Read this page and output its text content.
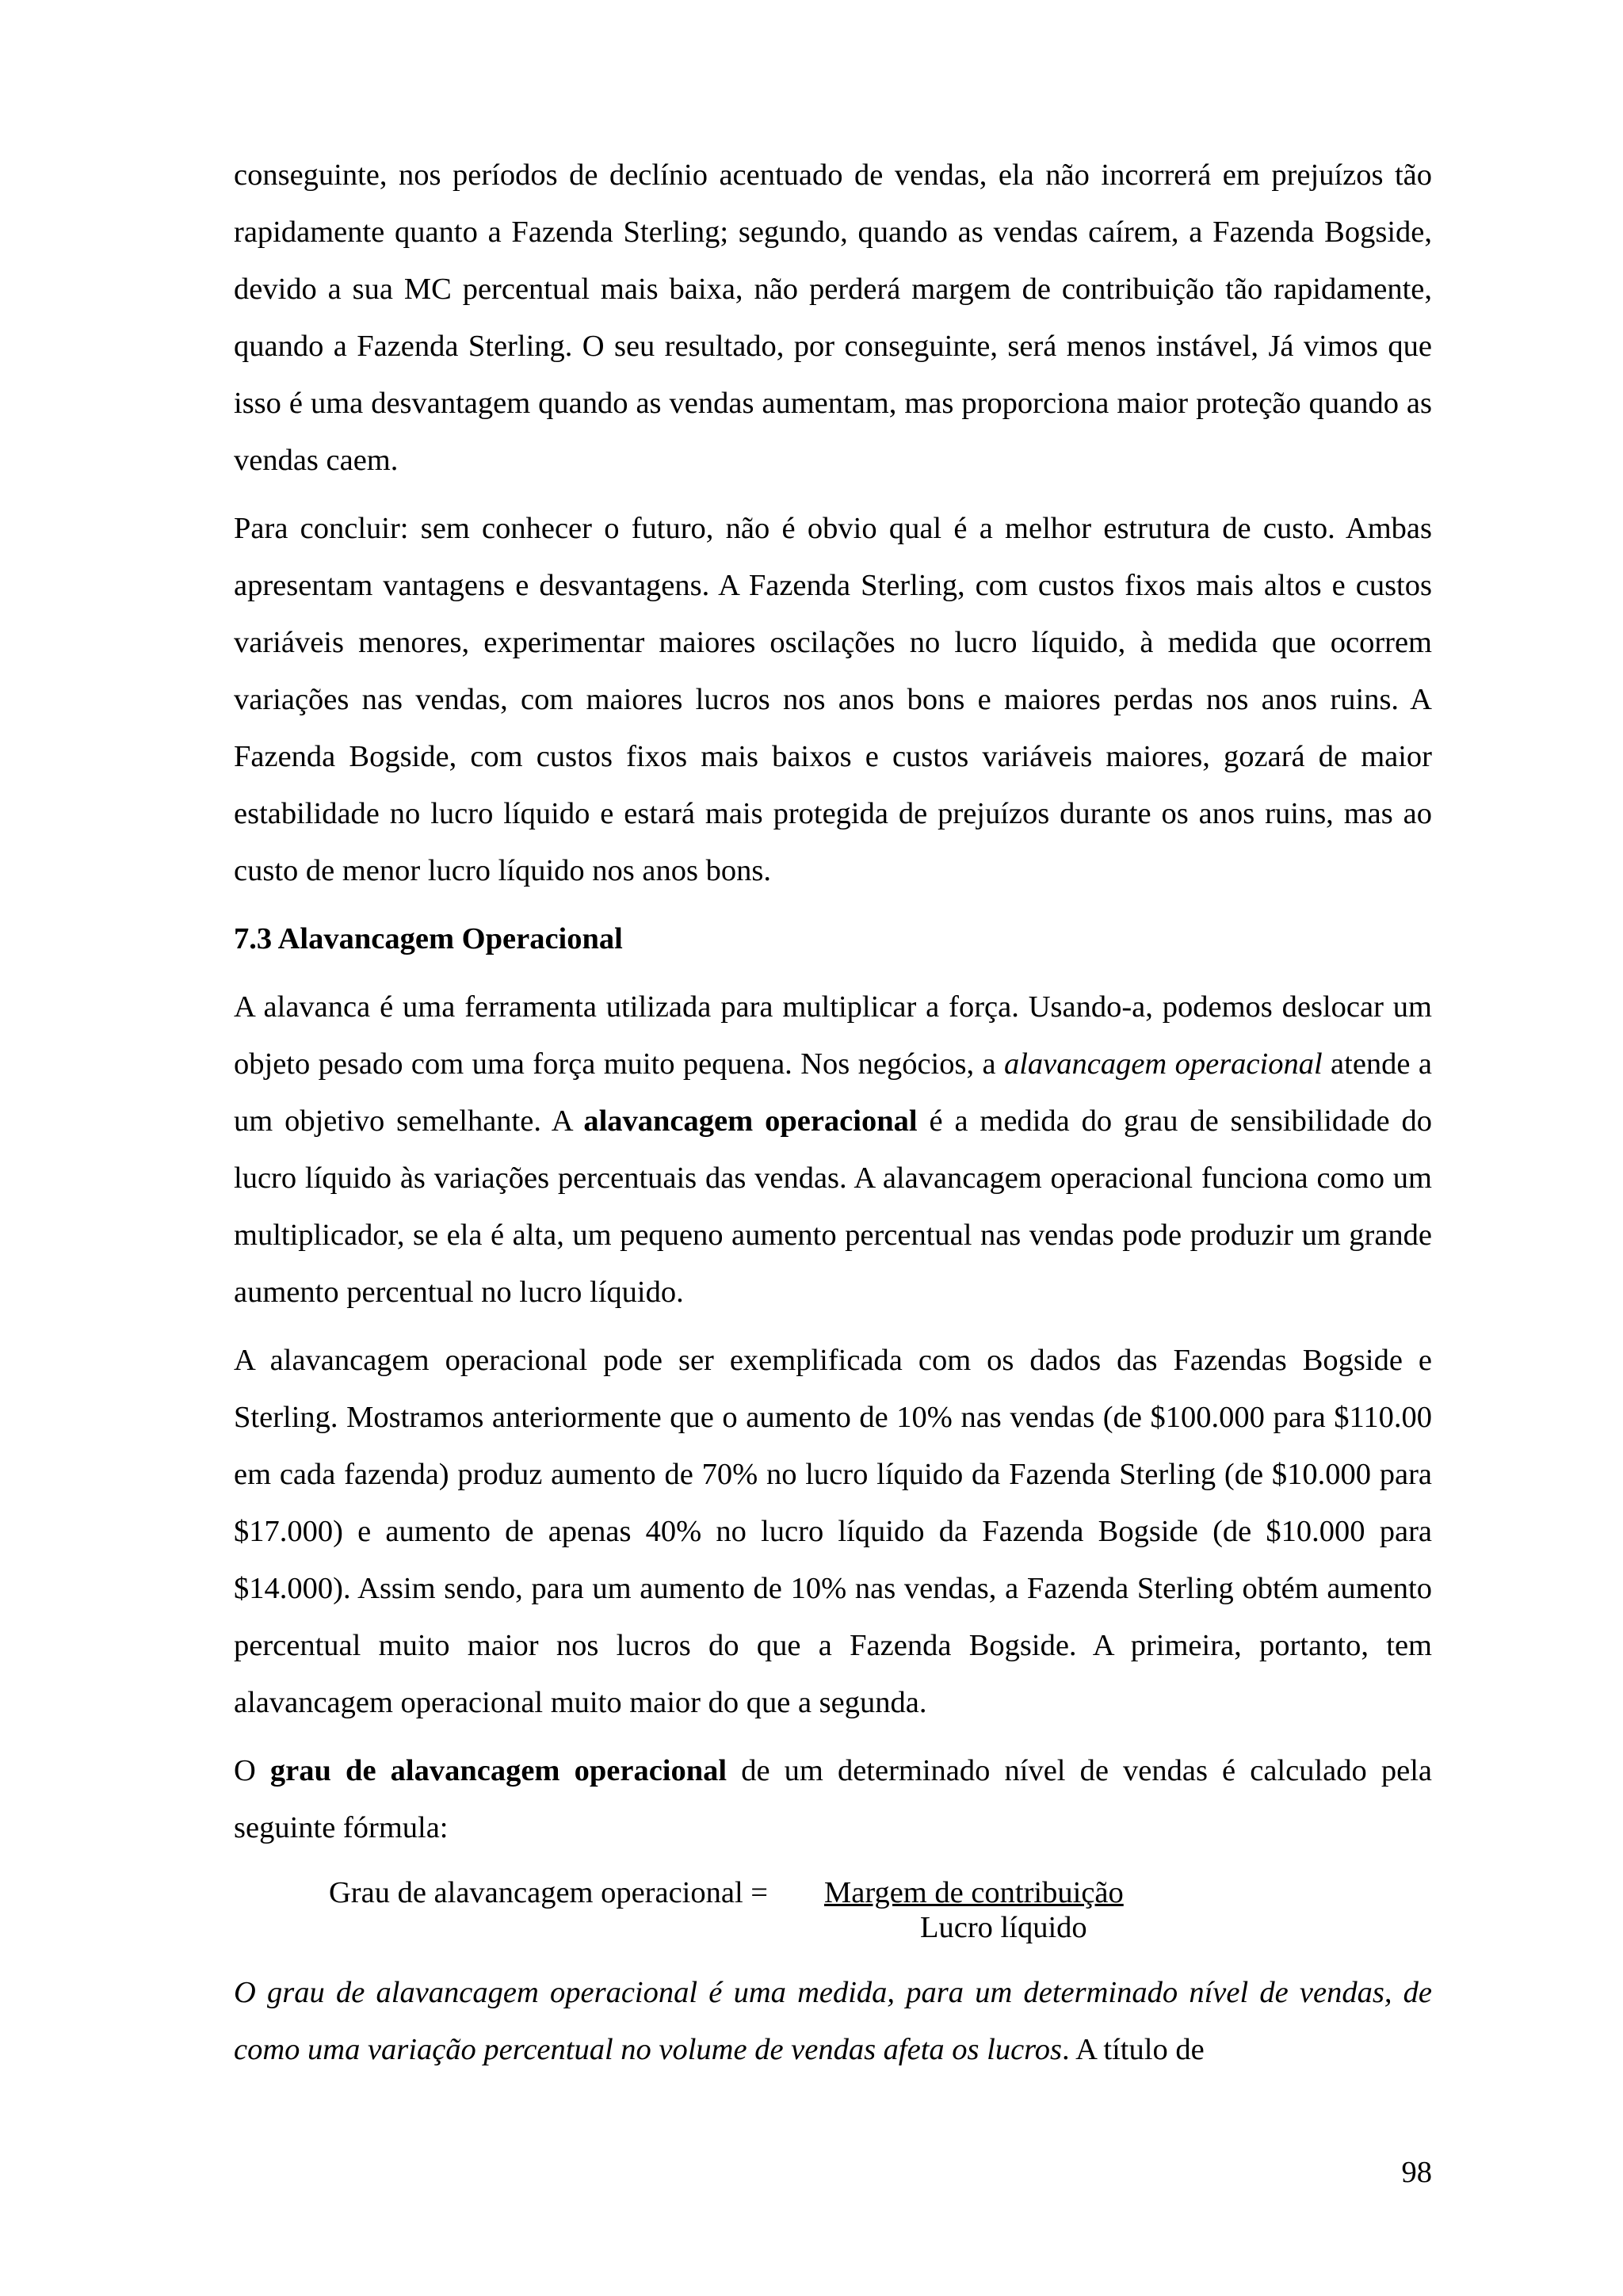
conseguinte, nos períodos de declínio acentuado de vendas, ela não incorrerá em prejuízos tão rapidamente quanto a Fazenda Sterling; segundo, quando as vendas caírem, a Fazenda Bogside, devido a sua MC percentual mais baixa, não perderá margem de contribuição tão rapidamente, quando a Fazenda Sterling. O seu resultado, por conseguinte, será menos instável, Já vimos que isso é uma desvantagem quando as vendas aumentam, mas proporciona maior proteção quando as vendas caem.

Para concluir: sem conhecer o futuro, não é obvio qual é a melhor estrutura de custo. Ambas apresentam vantagens e desvantagens. A Fazenda Sterling, com custos fixos mais altos e custos variáveis menores, experimentar maiores oscilações no lucro líquido, à medida que ocorrem variações nas vendas, com maiores lucros nos anos bons e maiores perdas nos anos ruins. A Fazenda Bogside, com custos fixos mais baixos e custos variáveis maiores, gozará de maior estabilidade no lucro líquido e estará mais protegida de prejuízos durante os anos ruins, mas ao custo de menor lucro líquido nos anos bons.

7.3 Alavancagem Operacional

A alavanca é uma ferramenta utilizada para multiplicar a força. Usando-a, podemos deslocar um objeto pesado com uma força muito pequena. Nos negócios, a alavancagem operacional atende a um objetivo semelhante. A alavancagem operacional é a medida do grau de sensibilidade do lucro líquido às variações percentuais das vendas. A alavancagem operacional funciona como um multiplicador, se ela é alta, um pequeno aumento percentual nas vendas pode produzir um grande aumento percentual no lucro líquido.

A alavancagem operacional pode ser exemplificada com os dados das Fazendas Bogside e Sterling. Mostramos anteriormente que o aumento de 10% nas vendas (de $100.000 para $110.00 em cada fazenda) produz aumento de 70% no lucro líquido da Fazenda Sterling (de $10.000 para $17.000) e aumento de apenas 40% no lucro líquido da Fazenda Bogside (de $10.000 para $14.000). Assim sendo, para um aumento de 10% nas vendas, a Fazenda Sterling obtém aumento percentual muito maior nos lucros do que a Fazenda Bogside. A primeira, portanto, tem alavancagem operacional muito maior do que a segunda.

O grau de alavancagem operacional de um determinado nível de vendas é calculado pela seguinte fórmula:

Grau de alavancagem operacional = Margem de contribuição
Lucro líquido

O grau de alavancagem operacional é uma medida, para um determinado nível de vendas, de como uma variação percentual no volume de vendas afeta os lucros. A título de

98
